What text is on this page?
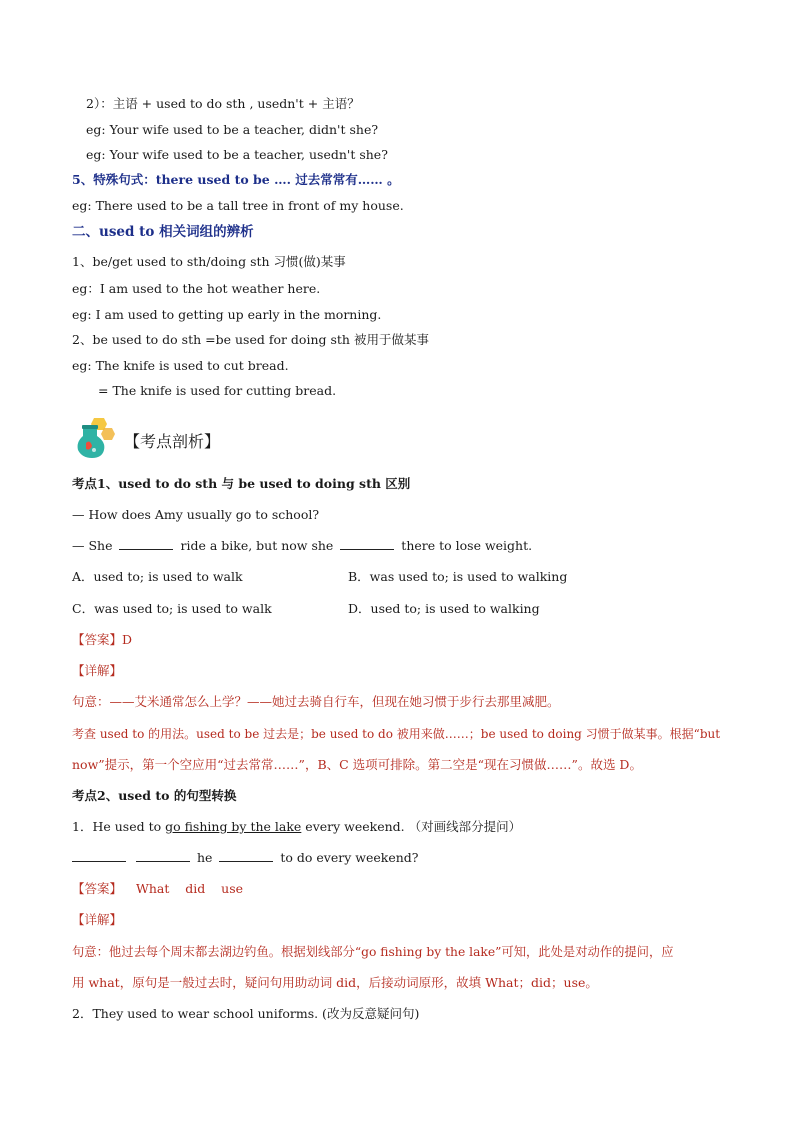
2）：主语 + used to do sth , usedn't + 主语？
eg: Your wife used to be a teacher, didn't she?
eg: Your wife used to be a teacher, usedn't she?
5、特殊句式：there used to be …. 过去常常有…… 。
eg: There used to be a tall tree in front of my house.
二、used to 相关词组的辨析
1、be/get used to sth/doing sth 习惯(做)某事
eg：I am used to the hot weather here.
eg: I am used to getting up early in the morning.
2、be used to do sth =be used for doing sth 被用于做某事
eg: The knife is used to cut bread.
= The knife is used for cutting bread.
【考点剖析】
考点1、used to do sth 与 be used to doing sth 区别
— How does Amy usually go to school?
— She	ride a bike, but now she	there to lose weight.
A．used to; is used to walk	B．was used to; is used to walking
C．was used to; is used to walk	D．used to; is used to walking
【答案】D
【详解】
句意：——艾米通常怎么上学？——她过去骑自行车，但现在她习惯于步行去那里减肥。
考查 used to 的用法。used to be 过去是；be used to do 被用来做……；be used to doing 习惯于做某事。根据“but
now”提示，第一个空应用“过去常常……”，B、C 选项可排除。第二空是“现在习惯做……”。故选 D。
考点2、used to 的句型转换
1．He used to go fishing by the lake every weekend. （对画线部分提问）
he	to do every weekend?
【答案】 What    did    use
【详解】
句意：他过去每个周末都去湖边钓鱼。根据划线部分“go fishing by the lake”可知，此处是对动作的提问，应
用 what，原句是一般过去时，疑问句用助动词 did，后接动词原形，故填 What；did；use。
2．They used to wear school uniforms. (改为反意疑问句)
